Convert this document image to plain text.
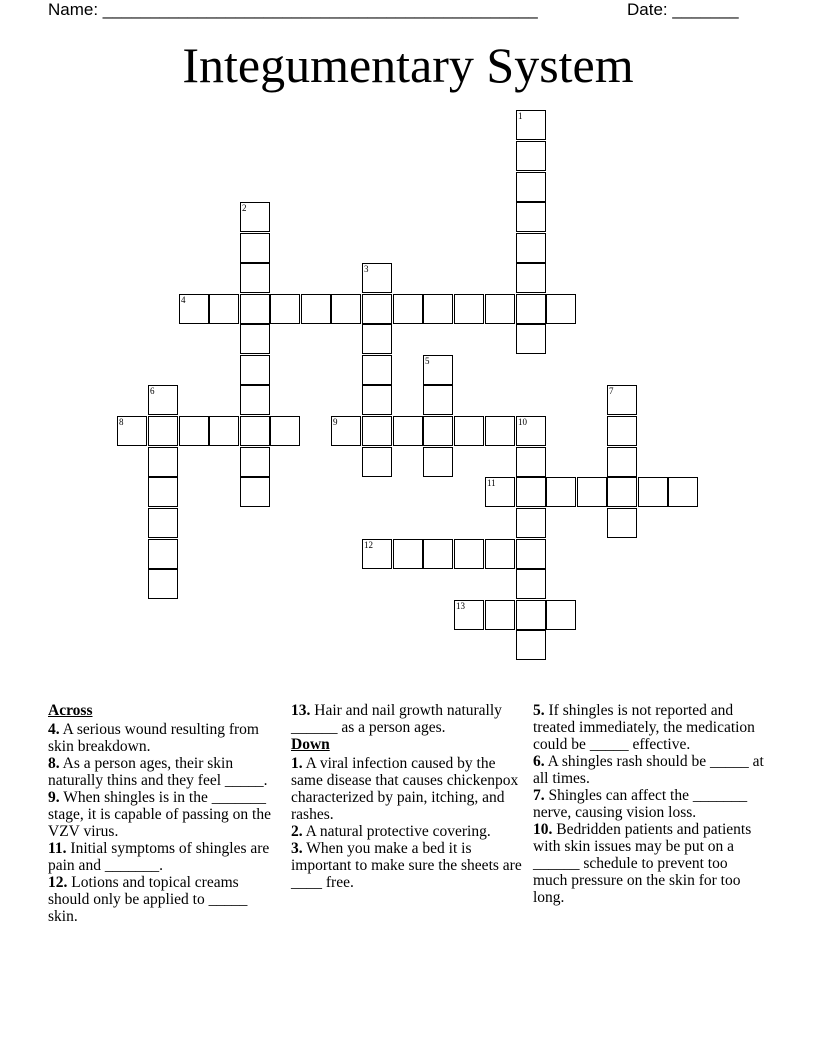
Name: ______________________________________________	Date: _______
Integumentary System
1
2
3
4
5
6	7
8	9	10
11
12
13
Across

4. A serious wound resulting from skin breakdown.

8. As a person ages, their skin naturally thins and they feel _____.

9. When shingles is in the _______ stage, it is capable of passing on the VZV virus.

11. Initial symptoms of shingles are pain and _______.

12. Lotions and topical creams should only be applied to _____ skin.

13. Hair and nail growth naturally ______ as a person ages.

Down

1. A viral infection caused by the same disease that causes chickenpox characterized by pain, itching, and rashes.

2. A natural protective covering.

3. When you make a bed it is important to make sure the sheets are ____ free.

5. If shingles is not reported and treated immediately, the medication could be _____ effective.

6. A shingles rash should be _____ at all times.

7. Shingles can affect the _______ nerve, causing vision loss.

10. Bedridden patients and patients with skin issues may be put on a ______ schedule to prevent too much pressure on the skin for too long.
